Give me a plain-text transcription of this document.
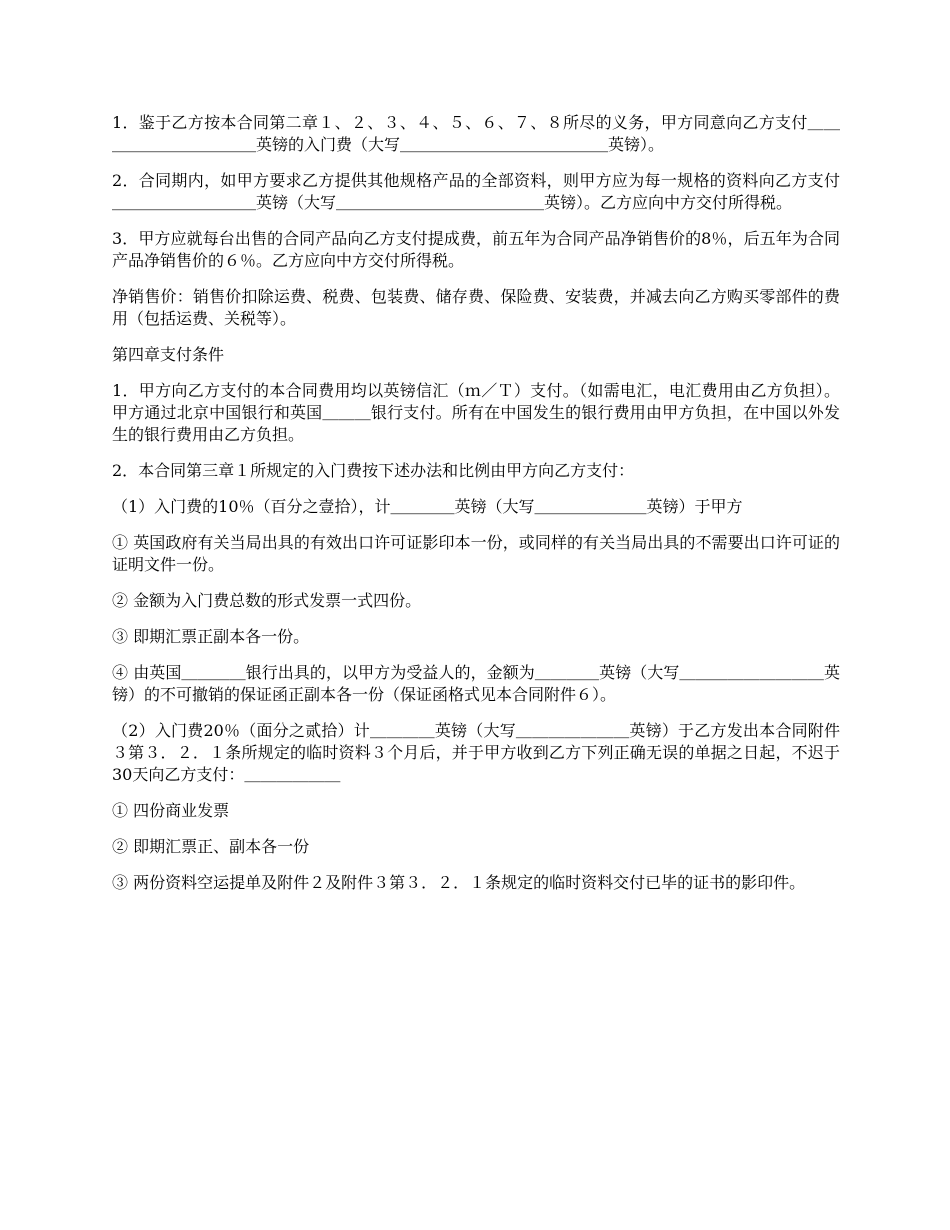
1．鉴于乙方按本合同第二章１、２、３、４、５、６、７、８所尽的义务，甲方同意向乙方支付＿＿＿＿＿＿＿＿＿＿＿英镑的入门费（大写＿＿＿＿＿＿＿＿＿＿＿＿＿英镑）。

2．合同期内，如甲方要求乙方提供其他规格产品的全部资料，则甲方应为每一规格的资料向乙方支付＿＿＿＿＿＿＿＿＿英镑（大写＿＿＿＿＿＿＿＿＿＿＿＿＿英镑）。乙方应向中方交付所得税。

3．甲方应就每台出售的合同产品向乙方支付提成费，前五年为合同产品净销售价的8％，后五年为合同产品净销售价的６％。乙方应向中方交付所得税。

净销售价：销售价扣除运费、税费、包装费、储存费、保险费、安装费，并减去向乙方购买零部件的费用（包括运费、关税等）。

第四章支付条件

1．甲方向乙方支付的本合同费用均以英镑信汇（ｍ／Ｔ）支付。（如需电汇，电汇费用由乙方负担）。甲方通过北京中国银行和英国＿＿＿银行支付。所有在中国发生的银行费用由甲方负担，在中国以外发生的银行费用由乙方负担。

2．本合同第三章１所规定的入门费按下述办法和比例由甲方向乙方支付：

（1）入门费的10％（百分之壹拾），计＿＿＿＿英镑（大写＿＿＿＿＿＿＿英镑）于甲方

① 英国政府有关当局出具的有效出口许可证影印本一份，或同样的有关当局出具的不需要出口许可证的证明文件一份。

② 金额为入门费总数的形式发票一式四份。

③ 即期汇票正副本各一份。

④ 由英国＿＿＿＿银行出具的，以甲方为受益人的，金额为＿＿＿＿英镑（大写＿＿＿＿＿＿＿＿＿英镑）的不可撤销的保证函正副本各一份（保证函格式见本合同附件６）。

（2）入门费20％（面分之贰拾）计＿＿＿＿英镑（大写＿＿＿＿＿＿＿英镑）于乙方发出本合同附件３第３．２．１条所规定的临时资料３个月后，并于甲方收到乙方下列正确无误的单据之日起，不迟于30天向乙方支付：＿＿＿＿＿＿

① 四份商业发票

② 即期汇票正、副本各一份

③ 两份资料空运提单及附件２及附件３第３．２．１条规定的临时资料交付已毕的证书的影印件。
